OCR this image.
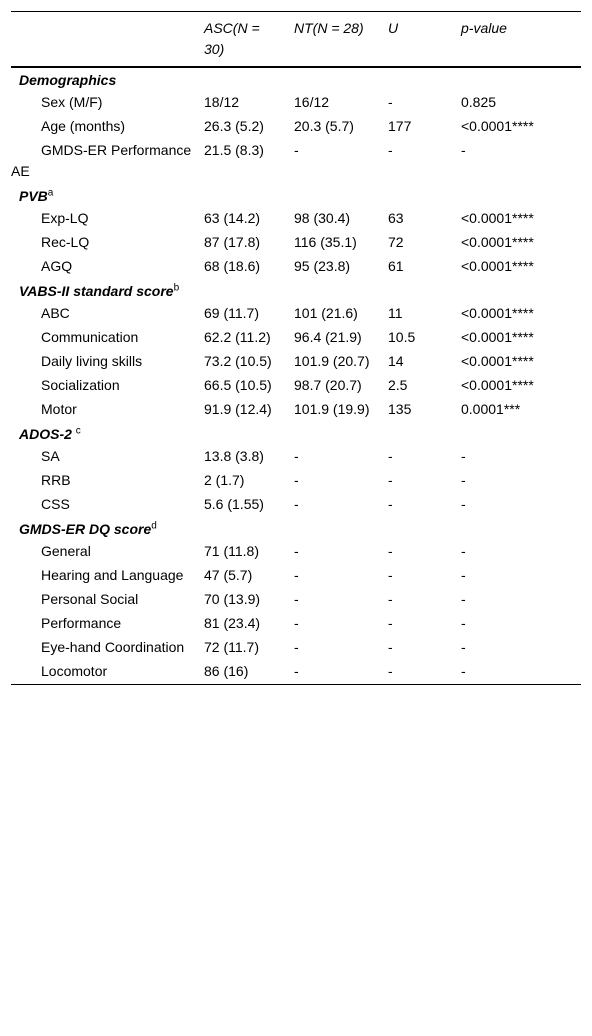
	ASC(N = 30)	NT(N = 28)	U	p-value
Demographics				
Sex (M/F)	18/12	16/12	-	0.825
Age (months)	26.3 (5.2)	20.3 (5.7)	177	<0.0001****
GMDS-ER Performance AE	21.5 (8.3)	-	-	-
PVB$^a$
Exp-LQ	63 (14.2)	98 (30.4)	63	<0.0001****
Rec-LQ	87 (17.8)	116 (35.1)	72	<0.0001****
AGQ	68 (18.6)	95 (23.8)	61	<0.0001****
VABS-II standard score$^b$
ABC	69 (11.7)	101 (21.6)	11	<0.0001****
Communication	62.2 (11.2)	96.4 (21.9)	10.5	<0.0001****
Daily living skills	73.2 (10.5)	101.9 (20.7)	14	<0.0001****
Socialization	66.5 (10.5)	98.7 (20.7)	2.5	<0.0001****
Motor	91.9 (12.4)	101.9 (19.9)	135	0.0001***
ADOS-2 $^c$
SA	13.8 (3.8)	-	-	-
RRB	2 (1.7)	-	-	-
CSS	5.6 (1.55)	-	-	-
GMDS-ER DQ score$^d$
General	71 (11.8)	-	-	-
Hearing and Language	47 (5.7)	-	-	-
Personal Social	70 (13.9)	-	-	-
Performance	81 (23.4)	-	-	-
Eye-hand Coordination	72 (11.7)	-	-	-
Locomotor	86 (16)	-	-	-
